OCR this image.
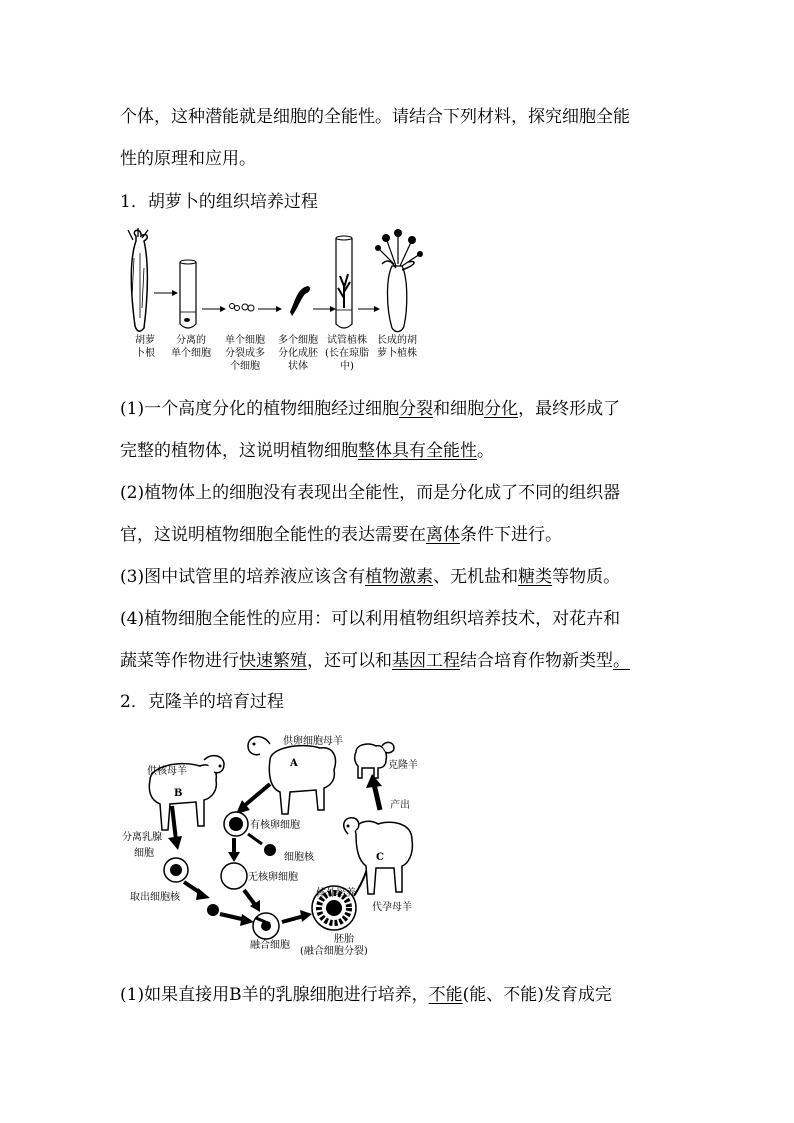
个体，这种潜能就是细胞的全能性。请结合下列材料，探究细胞全能
性的原理和应用。
1．胡萝卜的组织培养过程
胡萝
卜根
分离的
单个细胞
单个细胞
分裂成多
个细胞
多个细胞
分化成胚
状体
试管植株
(长在琼脂
中)
长成的胡
萝卜植株
(1)一个高度分化的植物细胞经过细胞分裂和细胞分化，最终形成了
完整的植物体，这说明植物细胞整体具有全能性。
(2)植物体上的细胞没有表现出全能性，而是分化成了不同的组织器
官，这说明植物细胞全能性的表达需要在离体条件下进行。
(3)图中试管里的培养液应该含有植物激素、无机盐和糖类等物质。
(4)植物细胞全能性的应用：可以利用植物组织培养技术，对花卉和
蔬菜等作物进行快速繁殖，还可以和基因工程结合培育作物新类型。
2．克隆羊的培育过程
供核母羊
B
分离乳腺
细胞
取出细胞核
供卵细胞母羊
A
有核卵细胞
细胞核
无核卵细胞
融合细胞
体外培养
胚胎
(融合细胞分裂)
克隆羊
产出
C
代孕母羊
(1)如果直接用B羊的乳腺细胞进行培养，不能(能、不能)发育成完
